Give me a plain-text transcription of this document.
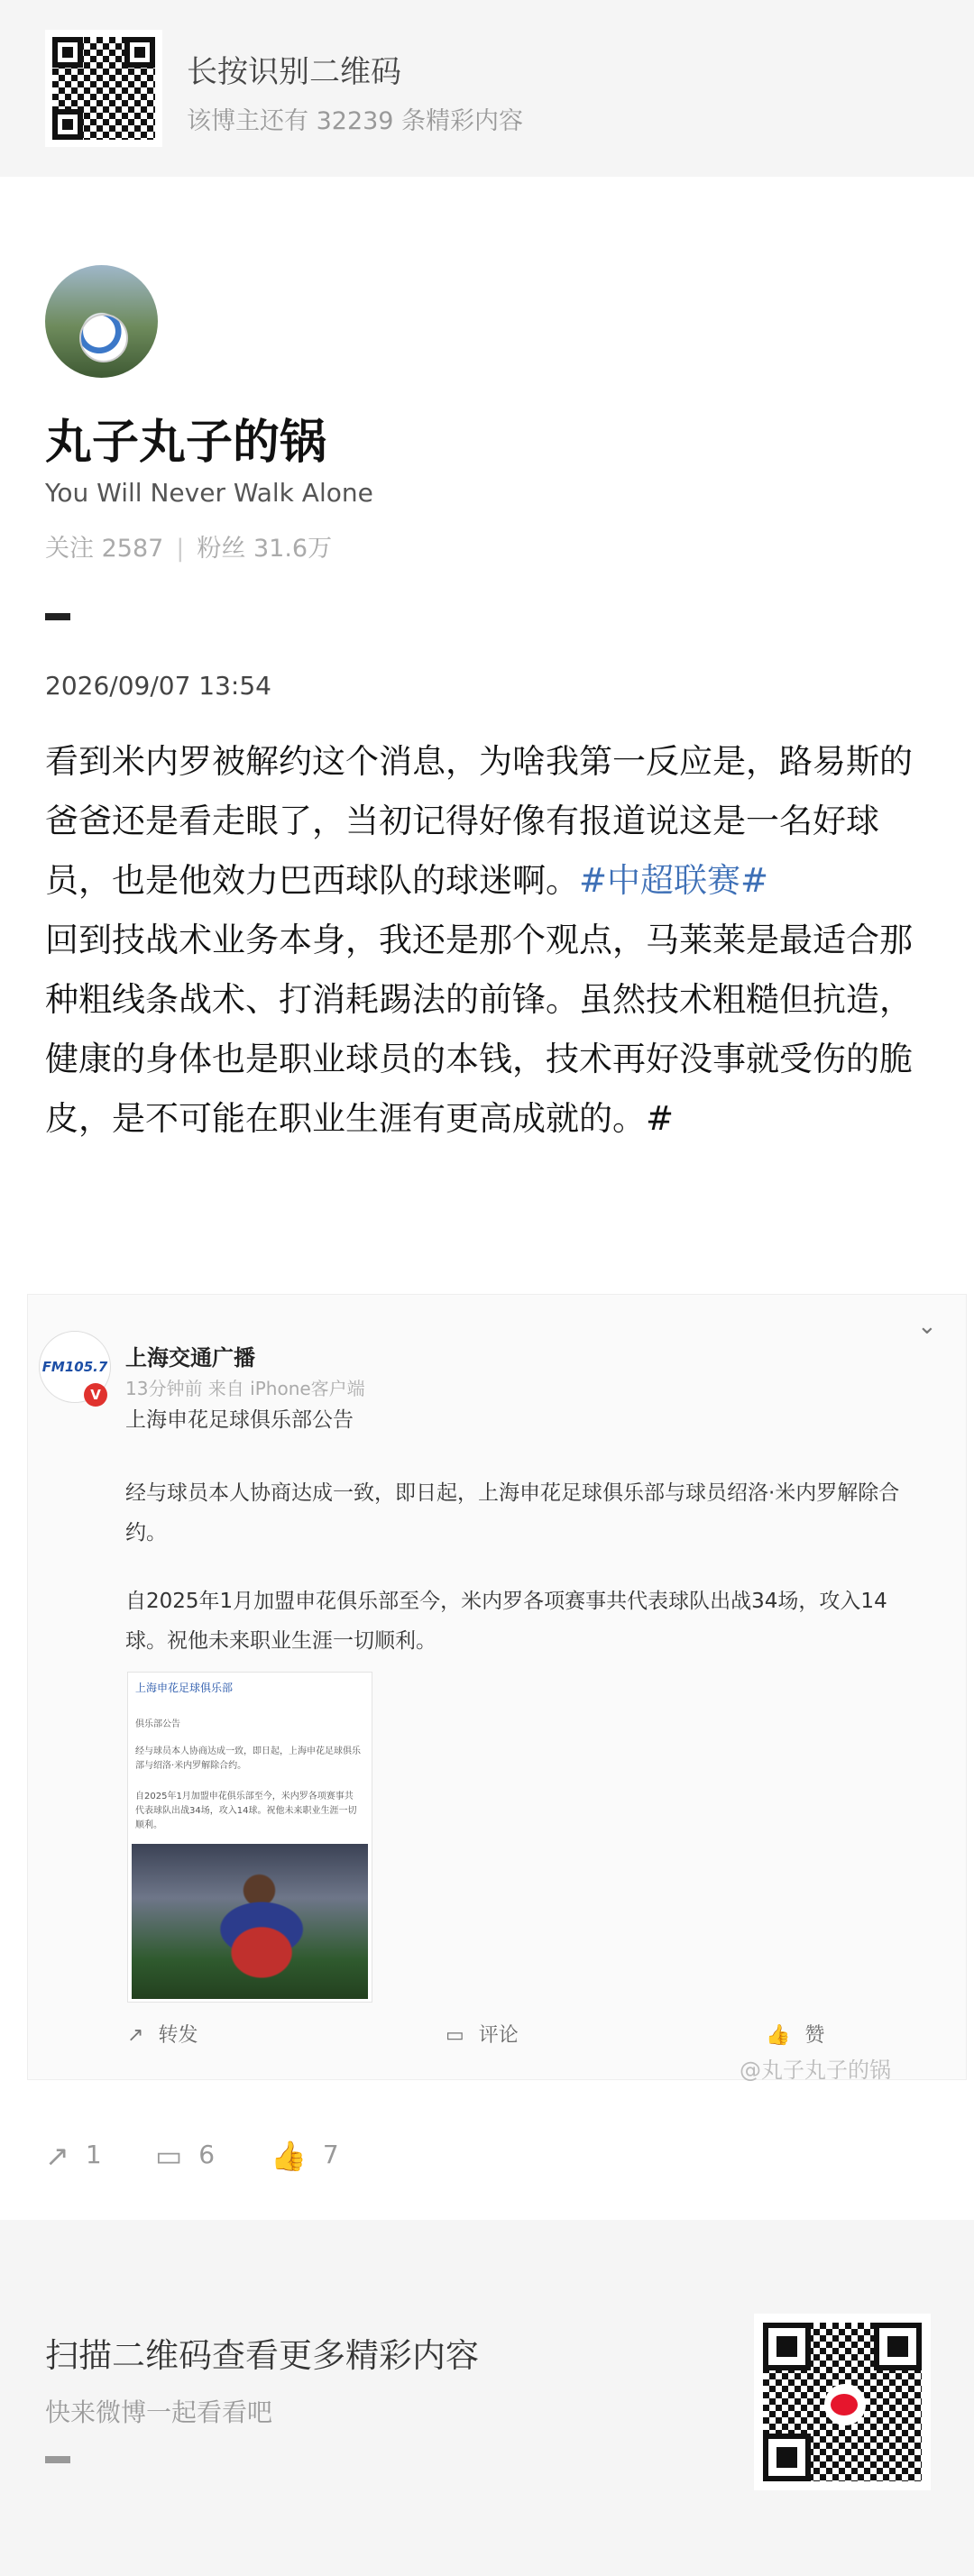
长按识别二维码
该博主还有 32239 条精彩内容
丸子丸子的锅
You Will Never Walk Alone
关注 2587 | 粉丝 31.6万
2026/09/07 13:54

看到米内罗被解约这个消息，为啥我第一反应是，路易斯的爸爸还是看走眼了，当初记得好像有报道说这是一名好球员，也是他效力巴西球队的球迷啊。#中超联赛#

回到技战术业务本身，我还是那个观点，马莱莱是最适合那种粗线条战术、打消耗踢法的前锋。虽然技术粗糙但抗造，健康的身体也是职业球员的本钱，技术再好没事就受伤的脆皮，是不可能在职业生涯有更高成就的。#

FM105.7
V
上海交通广播
13分钟前 来自 iPhone客户端
⌄
上海申花足球俱乐部公告
经与球员本人协商达成一致，即日起，上海申花足球俱乐部与球员绍洛·米内罗解除合约。
自2025年1月加盟申花俱乐部至今，米内罗各项赛事共代表球队出战34场，攻入14球。祝他未来职业生涯一切顺利。
上海申花足球俱乐部
俱乐部公告
经与球员本人协商达成一致，即日起，上海申花足球俱乐部与绍洛·米内罗解除合约。
自2025年1月加盟申花俱乐部至今，米内罗各项赛事共代表球队出战34场，攻入14球。祝他未来职业生涯一切顺利。
↗ 转发	▭ 评论	👍 赞
@丸子丸子的锅
↗ 1 ▭ 6 👍 7
扫描二维码查看更多精彩内容
快来微博一起看看吧
